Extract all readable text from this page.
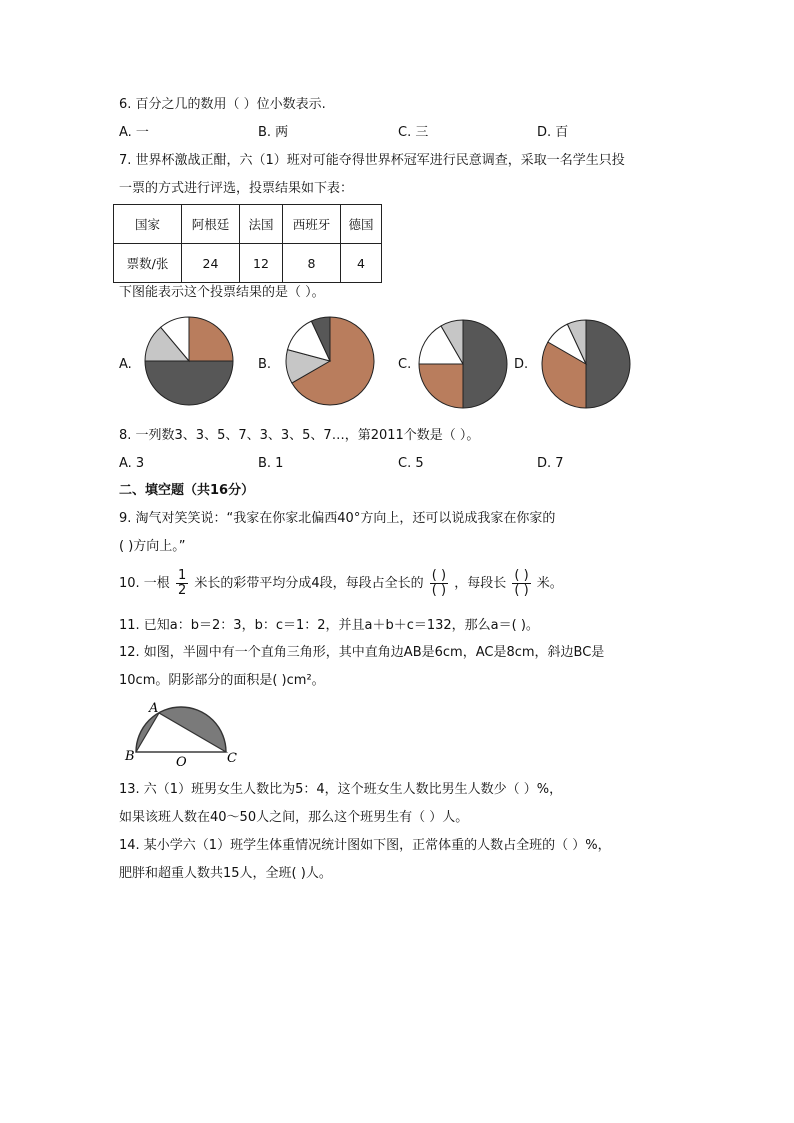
6. 百分之几的数用（ ）位小数表示.
A. 一	B. 两	C. 三	D. 百
7. 世界杯激战正酣，六（1）班对可能夺得世界杯冠军进行民意调查，采取一名学生只投
一票的方式进行评选，投票结果如下表：
国家	阿根廷	法国	西班牙	德国
票数/张	24	12	8	4
下图能表示这个投票结果的是（ ）。
A.	B.	C.	D.
8. 一列数3、3、5、7、3、3、5、7…，第2011个数是（ ）。
A. 3	B. 1	C. 5	D. 7
二、填空题（共16分）
9. 淘气对笑笑说：“我家在你家北偏西40°方向上，还可以说成我家在你家的
( )方向上。”
10. 一根 $\frac{1}{2}$ 米长的彩带平均分成4段，每段占全长的 $\frac{( )}{( )}$ ，每段长 $\frac{( )}{( )}$ 米。
11. 已知a：b＝2：3，b：c＝1：2，并且a＋b＋c＝132，那么a＝( )。
12. 如图，半圆中有一个直角三角形，其中直角边AB是6cm，AC是8cm，斜边BC是
10cm。阴影部分的面积是( )cm²。
A
B	O	C
13. 六（1）班男女生人数比为5：4，这个班女生人数比男生人数少（ ）%，
如果该班人数在40～50人之间，那么这个班男生有（ ）人。
14. 某小学六（1）班学生体重情况统计图如下图，正常体重的人数占全班的（ ）%，
肥胖和超重人数共15人，全班( )人。
